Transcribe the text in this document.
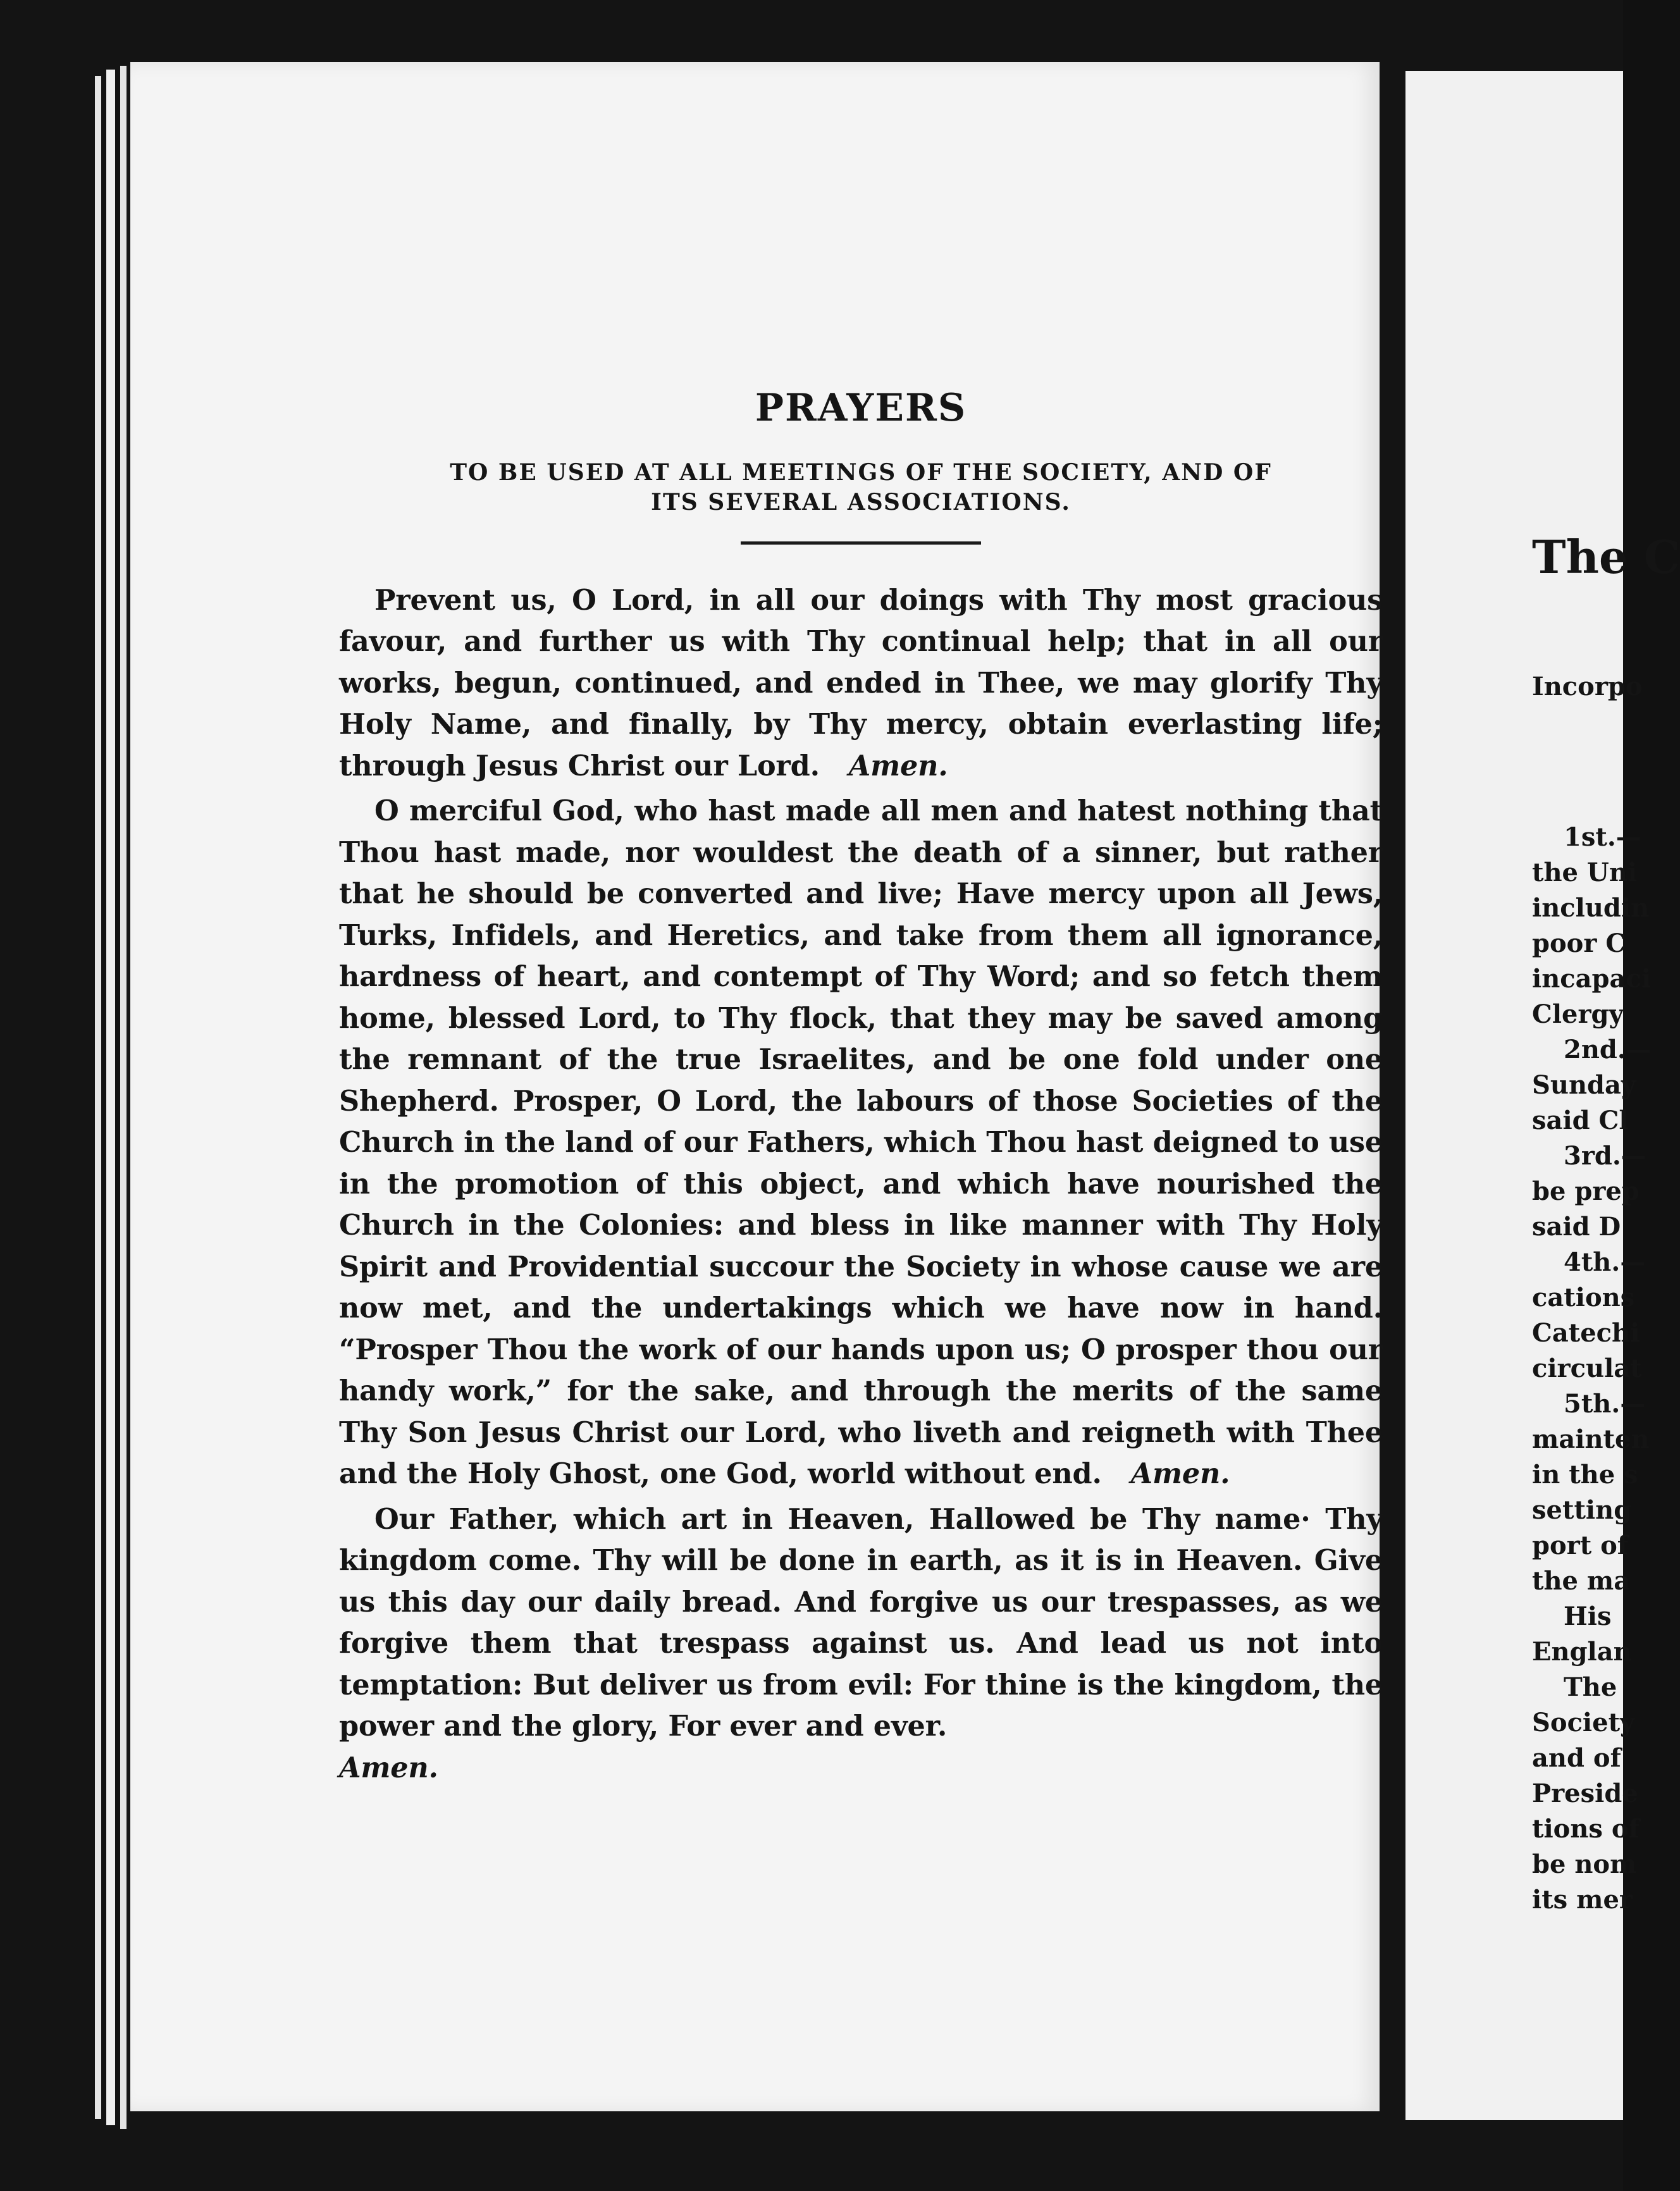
PRAYERS
TO BE USED AT ALL MEETINGS OF THE SOCIETY, AND OF
ITS SEVERAL ASSOCIATIONS.

Prevent us, O Lord, in all our doings with Thy most gracious favour, and further us with Thy continual help; that in all our works, begun, continued, and ended in Thee, we may glorify Thy Holy Name, and finally, by Thy mercy, obtain everlasting life; through Jesus Christ our Lord. Amen.

O merciful God, who hast made all men and hatest nothing that Thou hast made, nor wouldest the death of a sinner, but rather that he should be converted and live; Have mercy upon all Jews, Turks, Infidels, and Heretics, and take from them all ignorance, hardness of heart, and contempt of Thy Word; and so fetch them home, blessed Lord, to Thy flock, that they may be saved among the remnant of the true Israelites, and be one fold under one Shepherd. Prosper, O Lord, the labours of those Societies of the Church in the land of our Fathers, which Thou hast deigned to use in the promotion of this object, and which have nourished the Church in the Colonies: and bless in like manner with Thy Holy Spirit and Providential succour the Society in whose cause we are now met, and the undertakings which we have now in hand. “Prosper Thou the work of our hands upon us; O prosper thou our handy work,” for the sake, and through the merits of the same Thy Son Jesus Christ our Lord, who liveth and reigneth with Thee and the Holy Ghost, one God, world without end. Amen.

Our Father, which art in Heaven, Hallowed be Thy name· Thy kingdom come. Thy will be done in earth, as it is in Heaven. Give us this day our daily bread. And forgive us our trespasses, as we forgive them that trespass against us. And lead us not into temptation: But deliver us from evil: For thine is the kingdom, the power and the glory, For ever and ever.
Amen.

The C
Incorpo
1st.—
the Uni
includin
poor C
incapaci
Clergy
2nd.—
Sunday
said Cl
3rd.—
be prep
said D
4th.—
cations
Catechi
circulat
5th.—
mainten
in the s
setting
port of
the ma
His
Englan
The
Society
and of
Preside
tions of
be nom
its mer
